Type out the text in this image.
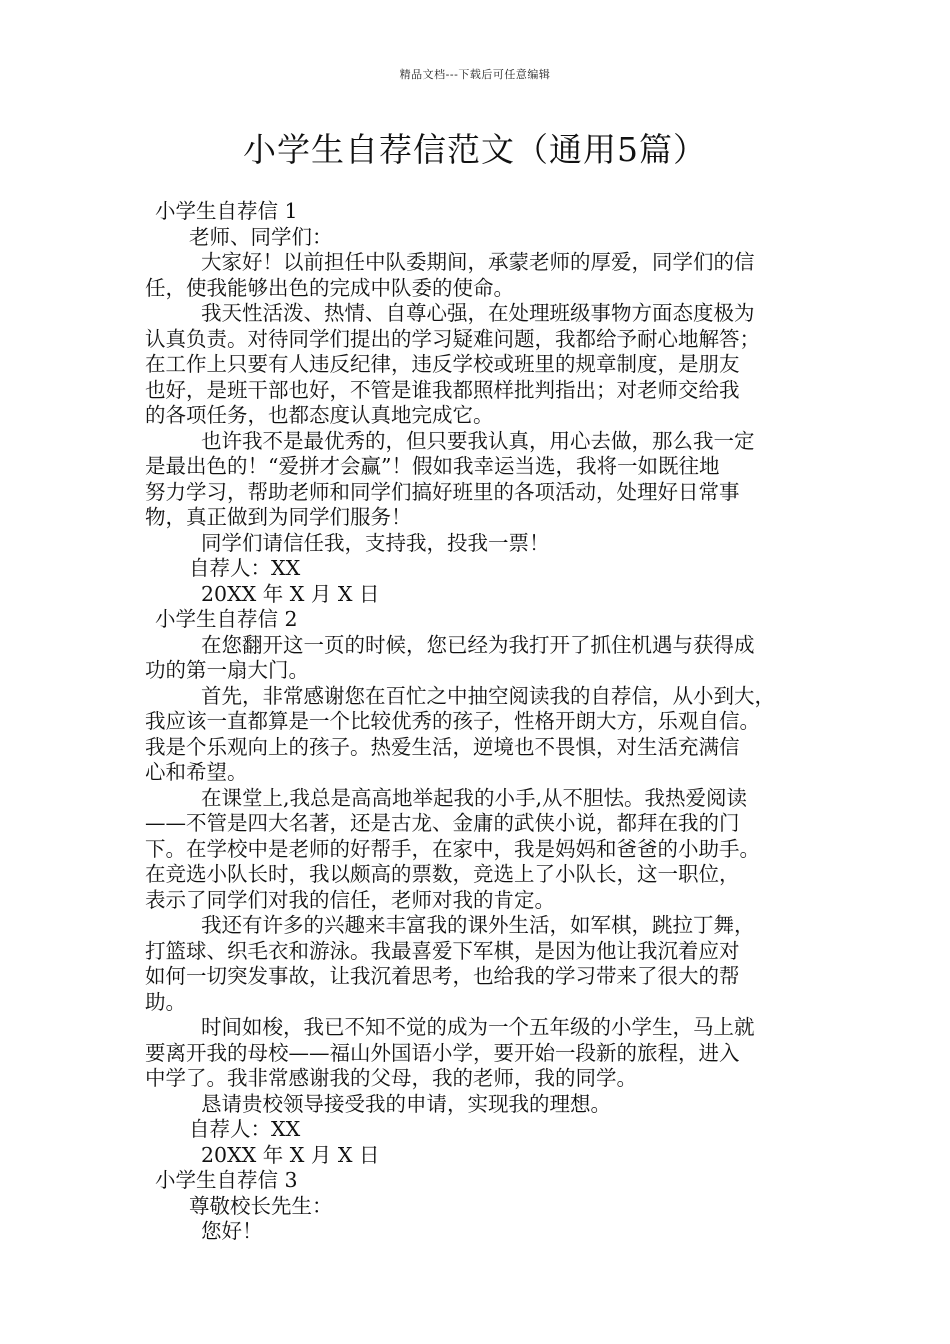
精品文档---下载后可任意编辑
小学生自荐信范文（通用5篇）
小学生自荐信 1
老师、同学们：
大家好！以前担任中队委期间，承蒙老师的厚爱，同学们的信
任，使我能够出色的完成中队委的使命。
我天性活泼、热情、自尊心强，在处理班级事物方面态度极为
认真负责。对待同学们提出的学习疑难问题，我都给予耐心地解答；
在工作上只要有人违反纪律，违反学校或班里的规章制度，是朋友
也好，是班干部也好，不管是谁我都照样批判指出；对老师交给我
的各项任务，也都态度认真地完成它。
也许我不是最优秀的，但只要我认真，用心去做，那么我一定
是最出色的！“爱拼才会赢”！假如我幸运当选，我将一如既往地
努力学习，帮助老师和同学们搞好班里的各项活动，处理好日常事
物，真正做到为同学们服务！
同学们请信任我，支持我，投我一票！
自荐人：XX
20XX 年 X 月 X 日
小学生自荐信 2
在您翻开这一页的时候，您已经为我打开了抓住机遇与获得成
功的第一扇大门。
首先，非常感谢您在百忙之中抽空阅读我的自荐信，从小到大，
我应该一直都算是一个比较优秀的孩子，性格开朗大方，乐观自信。
我是个乐观向上的孩子。热爱生活，逆境也不畏惧，对生活充满信
心和希望。
在课堂上,我总是高高地举起我的小手,从不胆怯。我热爱阅读
——不管是四大名著，还是古龙、金庸的武侠小说，都拜在我的门
下。在学校中是老师的好帮手，在家中，我是妈妈和爸爸的小助手。
在竞选小队长时，我以颇高的票数，竞选上了小队长，这一职位，
表示了同学们对我的信任，老师对我的肯定。
我还有许多的兴趣来丰富我的课外生活，如军棋，跳拉丁舞，
打篮球、织毛衣和游泳。我最喜爱下军棋，是因为他让我沉着应对
如何一切突发事故，让我沉着思考，也给我的学习带来了很大的帮
助。
时间如梭，我已不知不觉的成为一个五年级的小学生，马上就
要离开我的母校——福山外国语小学，要开始一段新的旅程，进入
中学了。我非常感谢我的父母，我的老师，我的同学。
恳请贵校领导接受我的申请，实现我的理想。
自荐人：XX
20XX 年 X 月 X 日
小学生自荐信 3
尊敬校长先生：
您好！
